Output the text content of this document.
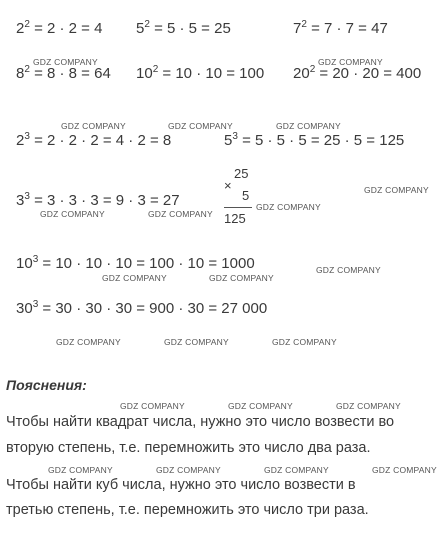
$2^2 = 2 \cdot 2 = 4$ $5^2 = 5 \cdot 5 = 25$	$7^2 = 7 \cdot 7 = 47$
$8^2 = 8 \cdot 8 = 64$ $10^2 = 10 \cdot 10 = 100$ $20^2 = 20 \cdot 20 = 400$
$2^3 = 2 \cdot 2 \cdot 2 = 4 \cdot 2 = 8$	$5^3 = 5 \cdot 5 \cdot 5 = 25 \cdot 5 = 125$
$3^3 = 3 \cdot 3 \cdot 3 = 9 \cdot 3 = 27$
$10^3 = 10 \cdot 10 \cdot 10 = 100 \cdot 10 = 1000$
$30^3 = 30 \cdot 30 \cdot 30 = 900 \cdot 30 = 27$ 000
×
25
5
125
GDZ COMPANY	GDZ COMPANY
GDZ COMPANY	GDZ COMPANY	GDZ COMPANY
GDZ COMPANY
GDZ COMPANY
GDZ COMPANY	GDZ COMPANY
GDZ COMPANY
GDZ COMPANY	GDZ COMPANY
GDZ COMPANY	GDZ COMPANY	GDZ COMPANY
GDZ COMPANY	GDZ COMPANY	GDZ COMPANY
GDZ COMPANY	GDZ COMPANY	GDZ COMPANY	GDZ COMPANY
Пояснения:
Чтобы найти квадрат числа, нужно это число возвести во
вторую степень, т.е. перемножить это число два раза.
Чтобы найти куб числа, нужно это число возвести в
третью степень, т.е. перемножить это число три раза.
